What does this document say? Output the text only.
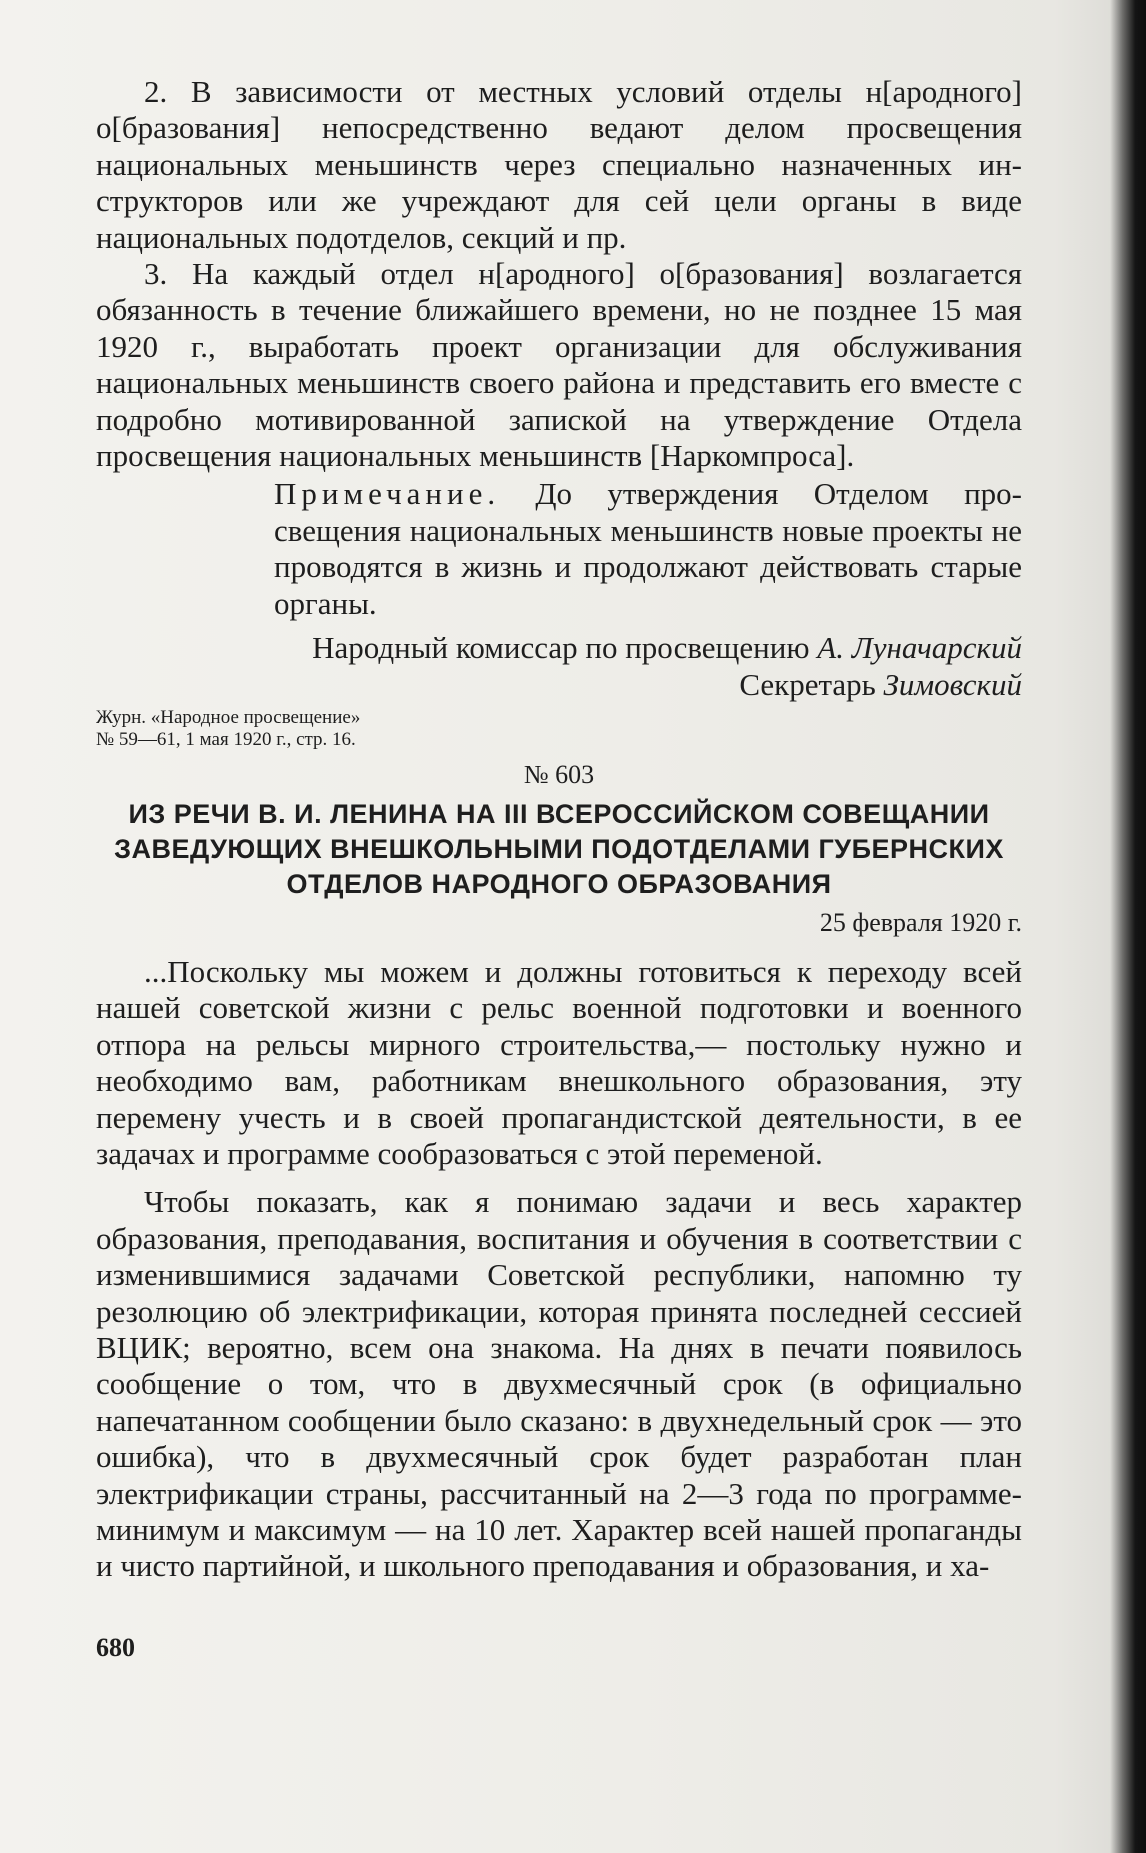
2. В зависимости от местных условий отделы н[ародного] о[бразования] непосредственно ведают делом просвещения национальных меньшинств через специально назначенных инструкторов или же учреждают для сей цели органы в виде национальных подотделов, секций и пр.

3. На каждый отдел н[ародного] о[бразования] возлагается обязанность в течение ближайшего времени, но не позднее 15 мая 1920 г., выработать проект организации для обслуживания национальных меньшинств своего района и представить его вместе с подробно мотивированной запиской на утверждение Отдела просвещения национальных меньшинств [Наркомпроса].

Примечание. До утверждения Отделом просвещения национальных меньшинств новые проекты не проводятся в жизнь и продолжают действовать старые органы.

Народный комиссар по просвещению А. Луначарский

Секретарь Зимовский

Журн. «Народное просвещение»
№ 59—61, 1 мая 1920 г., стр. 16.

№ 603

ИЗ РЕЧИ В. И. ЛЕНИНА НА III ВСЕРОССИЙСКОМ СОВЕЩАНИИ ЗАВЕДУЮЩИХ ВНЕШКОЛЬНЫМИ ПОДОТДЕЛАМИ ГУБЕРНСКИХ ОТДЕЛОВ НАРОДНОГО ОБРАЗОВАНИЯ

25 февраля 1920 г.

...Поскольку мы можем и должны готовиться к переходу всей нашей советской жизни с рельс военной подготовки и военного отпора на рельсы мирного строительства,— постольку нужно и необходимо вам, работникам внешкольного образования, эту перемену учесть и в своей пропагандистской деятельности, в ее задачах и программе сообразоваться с этой переменой.

Чтобы показать, как я понимаю задачи и весь характер образования, преподавания, воспитания и обучения в соответствии с изменившимися задачами Советской республики, напомню ту резолюцию об электрификации, которая принята последней сессией ВЦИК; вероятно, всем она знакома. На днях в печати появилось сообщение о том, что в двухмесячный срок (в официально напечатанном сообщении было сказано: в двухнедельный срок — это ошибка), что в двухмесячный срок будет разработан план электрификации страны, рассчитанный на 2—3 года по программе-минимум и максимум — на 10 лет. Характер всей нашей пропаганды и чисто партийной, и школьного преподавания и образования, и ха-

680
